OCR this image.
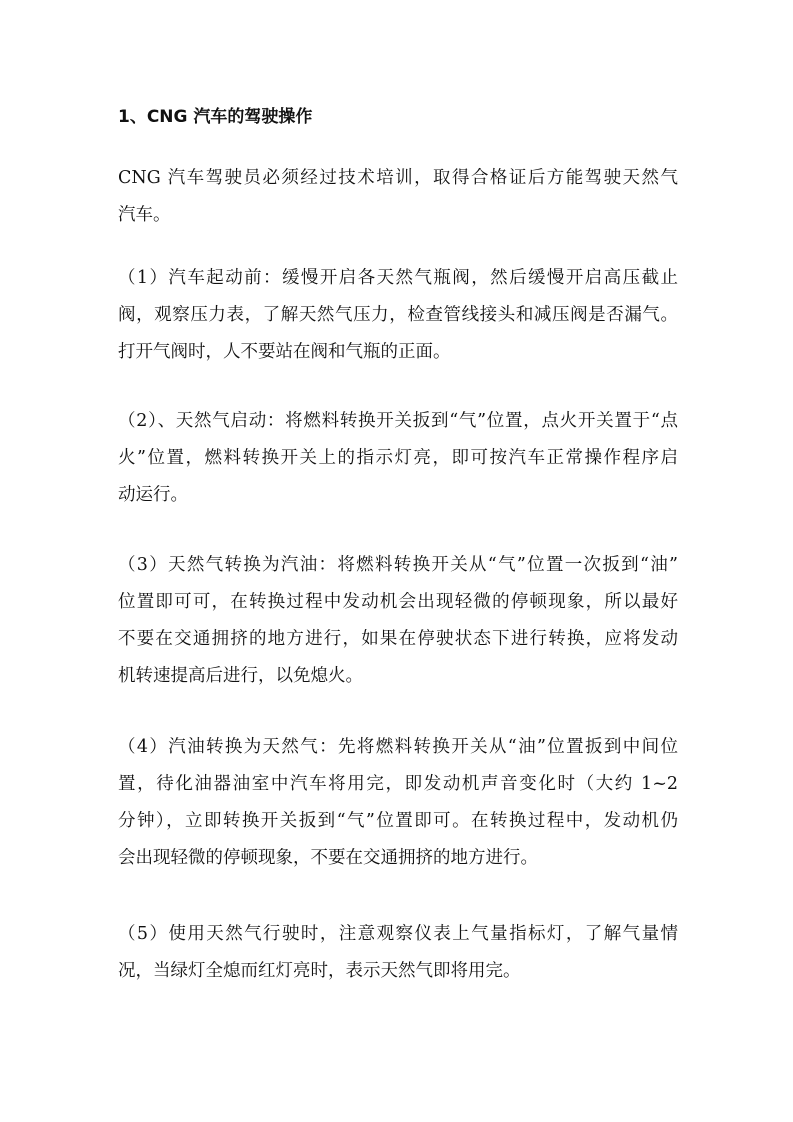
1、CNG 汽车的驾驶操作

CNG 汽车驾驶员必须经过技术培训，取得合格证后方能驾驶天然气
汽车。

（1）汽车起动前：缓慢开启各天然气瓶阀，然后缓慢开启高压截止
阀，观察压力表，了解天然气压力，检查管线接头和减压阀是否漏气。
打开气阀时，人不要站在阀和气瓶的正面。

（2）、天然气启动：将燃料转换开关扳到“气”位置，点火开关置于“点
火”位置，燃料转换开关上的指示灯亮，即可按汽车正常操作程序启
动运行。

（3）天然气转换为汽油：将燃料转换开关从“气”位置一次扳到“油”
位置即可可，在转换过程中发动机会出现轻微的停顿现象，所以最好
不要在交通拥挤的地方进行，如果在停驶状态下进行转换，应将发动
机转速提高后进行，以免熄火。

（4）汽油转换为天然气：先将燃料转换开关从“油”位置扳到中间位
置，待化油器油室中汽车将用完，即发动机声音变化时（大约 1~2
分钟），立即转换开关扳到“气”位置即可。在转换过程中，发动机仍
会出现轻微的停顿现象，不要在交通拥挤的地方进行。

（5）使用天然气行驶时，注意观察仪表上气量指标灯，了解气量情
况，当绿灯全熄而红灯亮时，表示天然气即将用完。
